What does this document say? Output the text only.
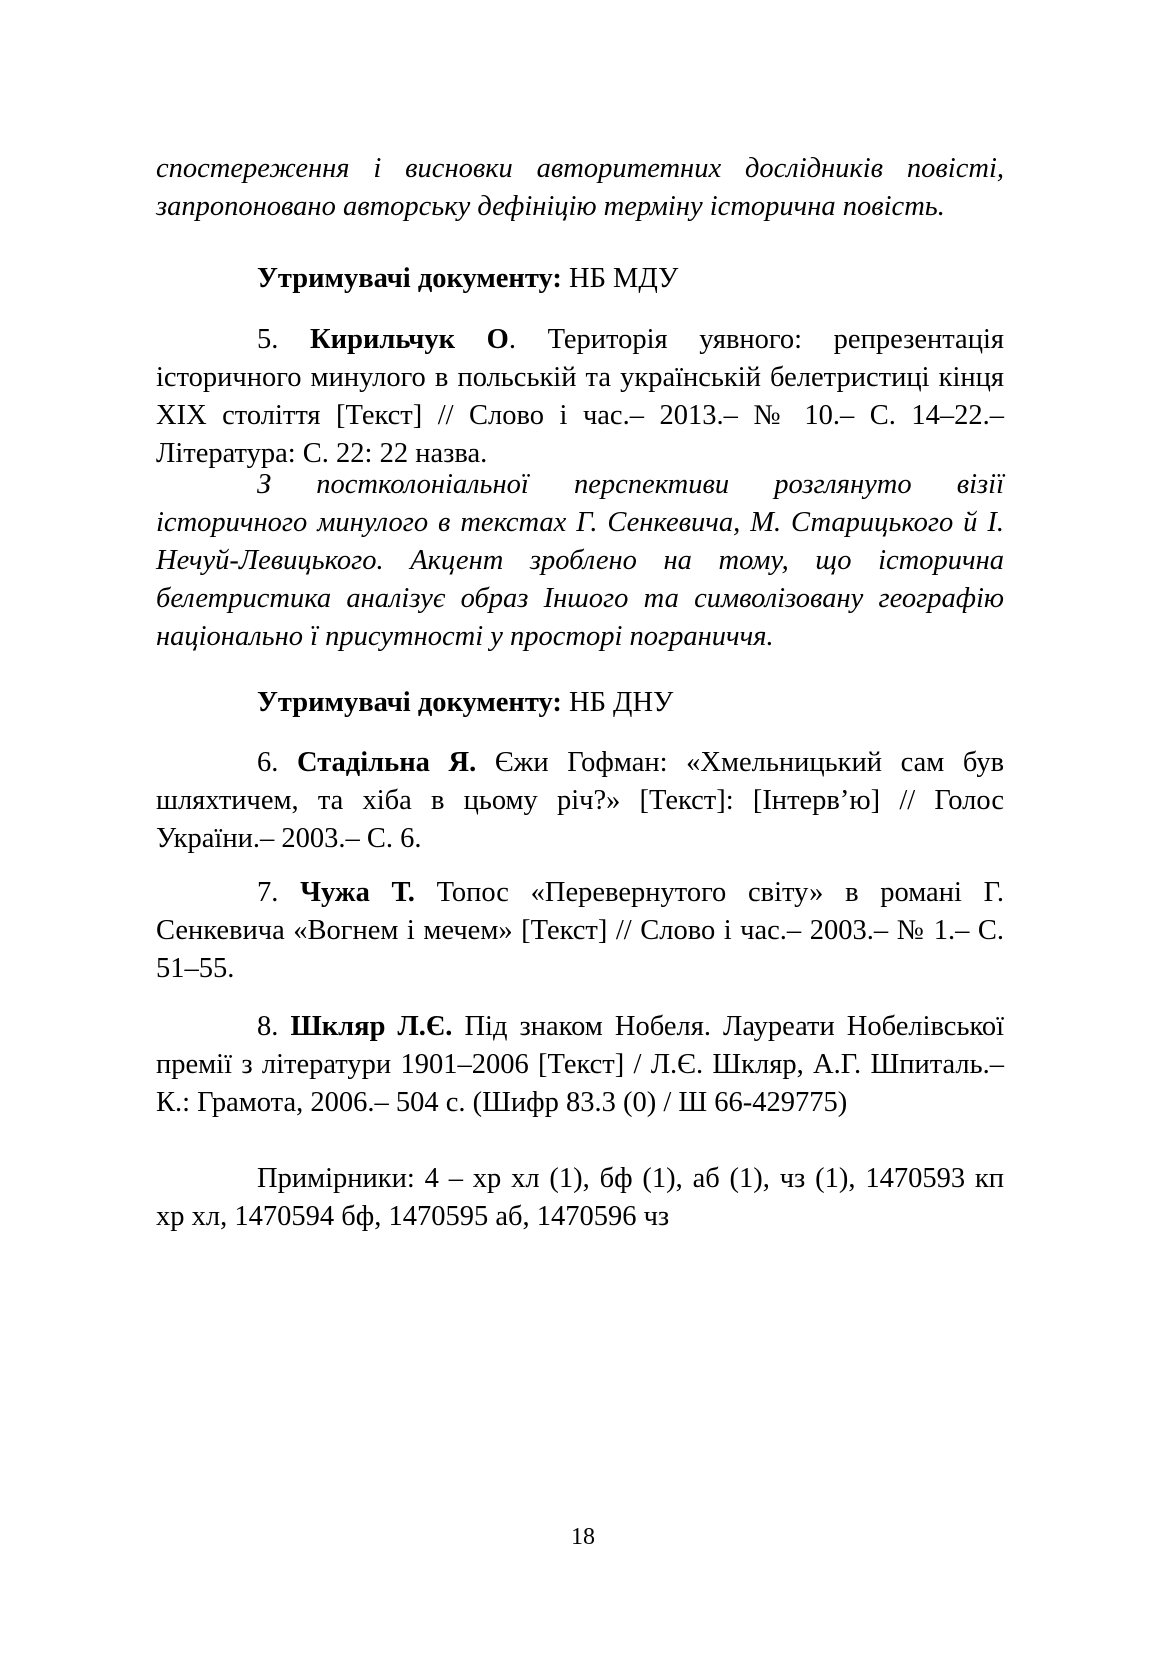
спостереження і висновки авторитетних дослідників повісті, запропоновано авторську дефініцію терміну історична повість.

Утримувачі документу: НБ МДУ

5. Кирильчук О. Територія уявного: репрезентація історичного минулого в польській та українській белетристиці кінця XIX століття [Текст] // Слово і час.– 2013.– № 10.– С. 14–22.– Література: С. 22: 22 назва.

З постколоніальної перспективи розглянуто візії історичного минулого в текстах Г. Сенкевича, М. Старицького й І. Нечуй-Левицького. Акцент зроблено на тому, що історична белетристика аналізує образ Іншого та символізовану географію національно ї присутності у просторі пограниччя.

Утримувачі документу: НБ ДНУ

6. Стадільна Я. Єжи Гофман: «Хмельницький сам був шляхтичем, та хіба в цьому річ?» [Текст]: [Інтерв’ю] // Голос України.– 2003.– С. 6.

7. Чужа Т. Топос «Перевернутого світу» в романі Г. Сенкевича «Вогнем і мечем» [Текст] // Слово і час.– 2003.– № 1.– С. 51–55.

8. Шкляр Л.Є. Під знаком Нобеля. Лауреати Нобелівської премії з літератури 1901–2006 [Текст] / Л.Є. Шкляр, А.Г. Шпиталь.– К.: Грамота, 2006.– 504 с. (Шифр 83.3 (0) / Ш 66-429775)

Примірники: 4 – хр хл (1), бф (1), аб (1), чз (1), 1470593 кп хр хл, 1470594 бф, 1470595 аб, 1470596 чз

18
